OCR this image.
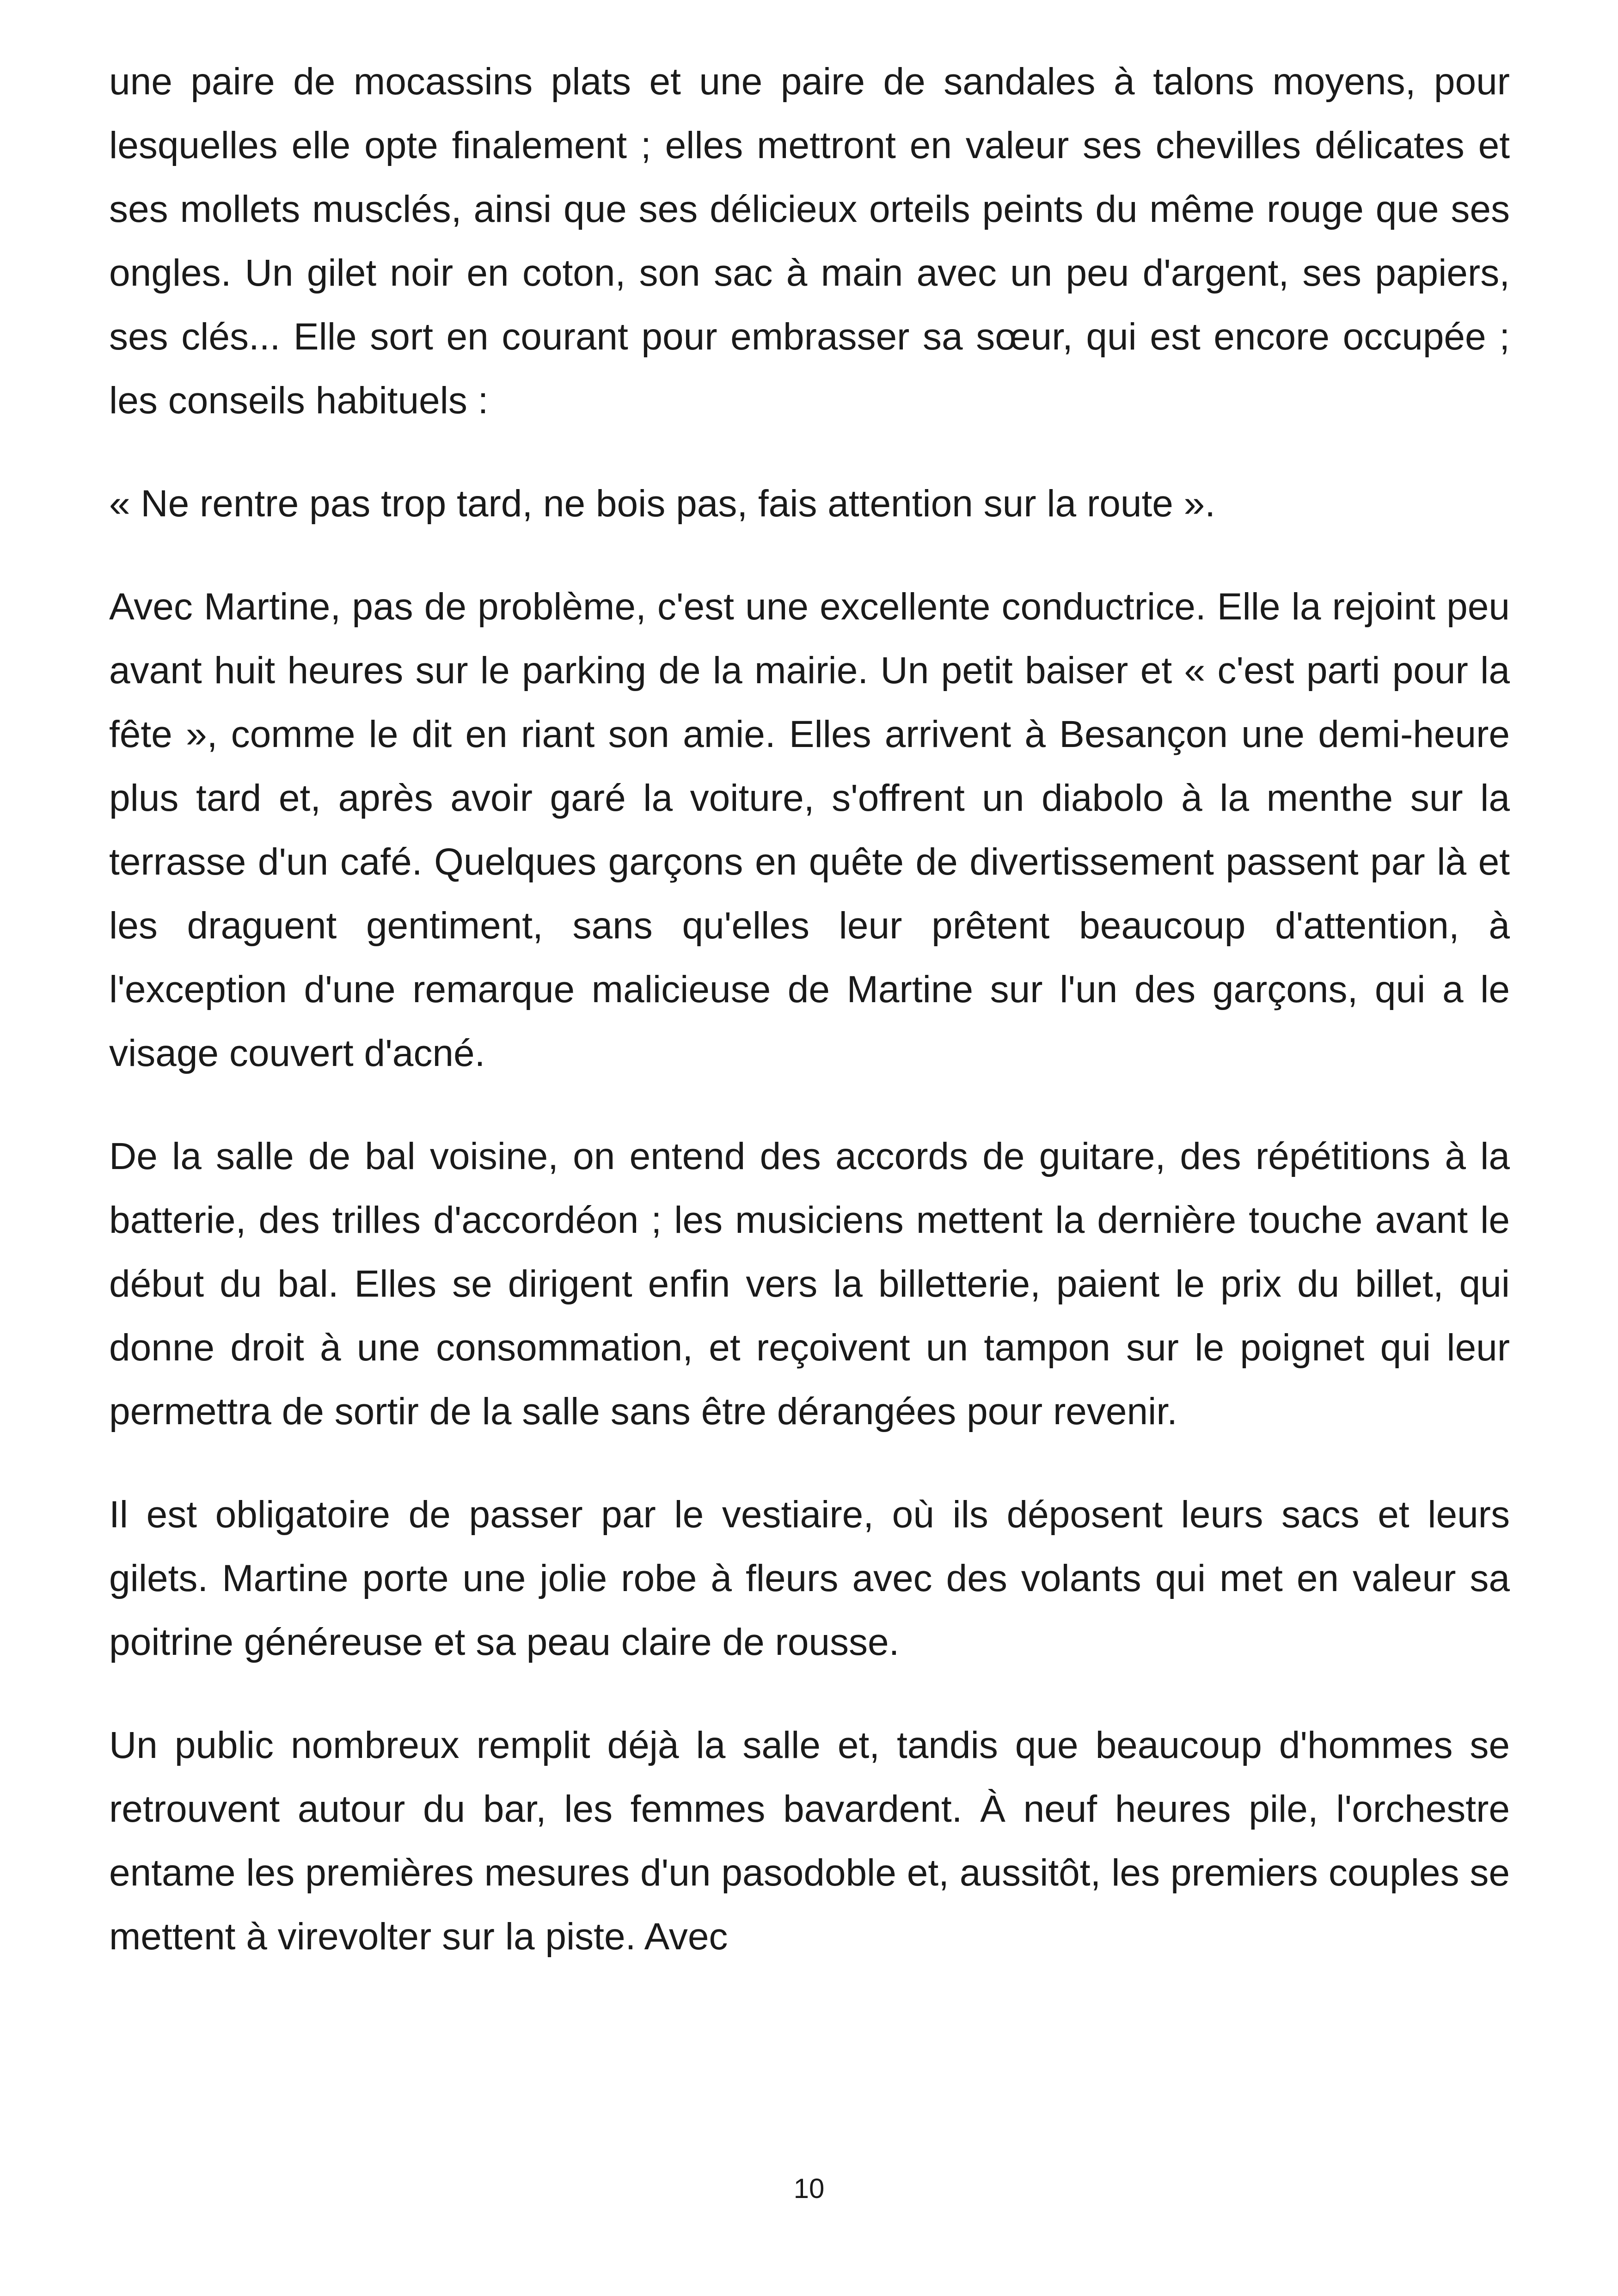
une paire de mocassins plats et une paire de sandales à talons moyens, pour lesquelles elle opte finalement ; elles mettront en valeur ses chevilles délicates et ses mollets musclés, ainsi que ses délicieux orteils peints du même rouge que ses ongles. Un gilet noir en coton, son sac à main avec un peu d'argent, ses papiers, ses clés... Elle sort en courant pour embrasser sa sœur, qui est encore occupée ; les conseils habituels :

« Ne rentre pas trop tard, ne bois pas, fais attention sur la route ».

Avec Martine, pas de problème, c'est une excellente conductrice. Elle la rejoint peu avant huit heures sur le parking de la mairie. Un petit baiser et « c'est parti pour la fête », comme le dit en riant son amie. Elles arrivent à Besançon une demi-heure plus tard et, après avoir garé la voiture, s'offrent un diabolo à la menthe sur la terrasse d'un café. Quelques garçons en quête de divertissement passent par là et les draguent gentiment, sans qu'elles leur prêtent beaucoup d'attention, à l'exception d'une remarque malicieuse de Martine sur l'un des garçons, qui a le visage couvert d'acné.

De la salle de bal voisine, on entend des accords de guitare, des répétitions à la batterie, des trilles d'accordéon ; les musiciens mettent la dernière touche avant le début du bal. Elles se dirigent enfin vers la billetterie, paient le prix du billet, qui donne droit à une consommation, et reçoivent un tampon sur le poignet qui leur permettra de sortir de la salle sans être dérangées pour revenir.

Il est obligatoire de passer par le vestiaire, où ils déposent leurs sacs et leurs gilets. Martine porte une jolie robe à fleurs avec des volants qui met en valeur sa poitrine généreuse et sa peau claire de rousse.

Un public nombreux remplit déjà la salle et, tandis que beaucoup d'hommes se retrouvent autour du bar, les femmes bavardent. À neuf heures pile, l'orchestre entame les premières mesures d'un pasodoble et, aussitôt, les premiers couples se mettent à virevolter sur la piste. Avec

10
